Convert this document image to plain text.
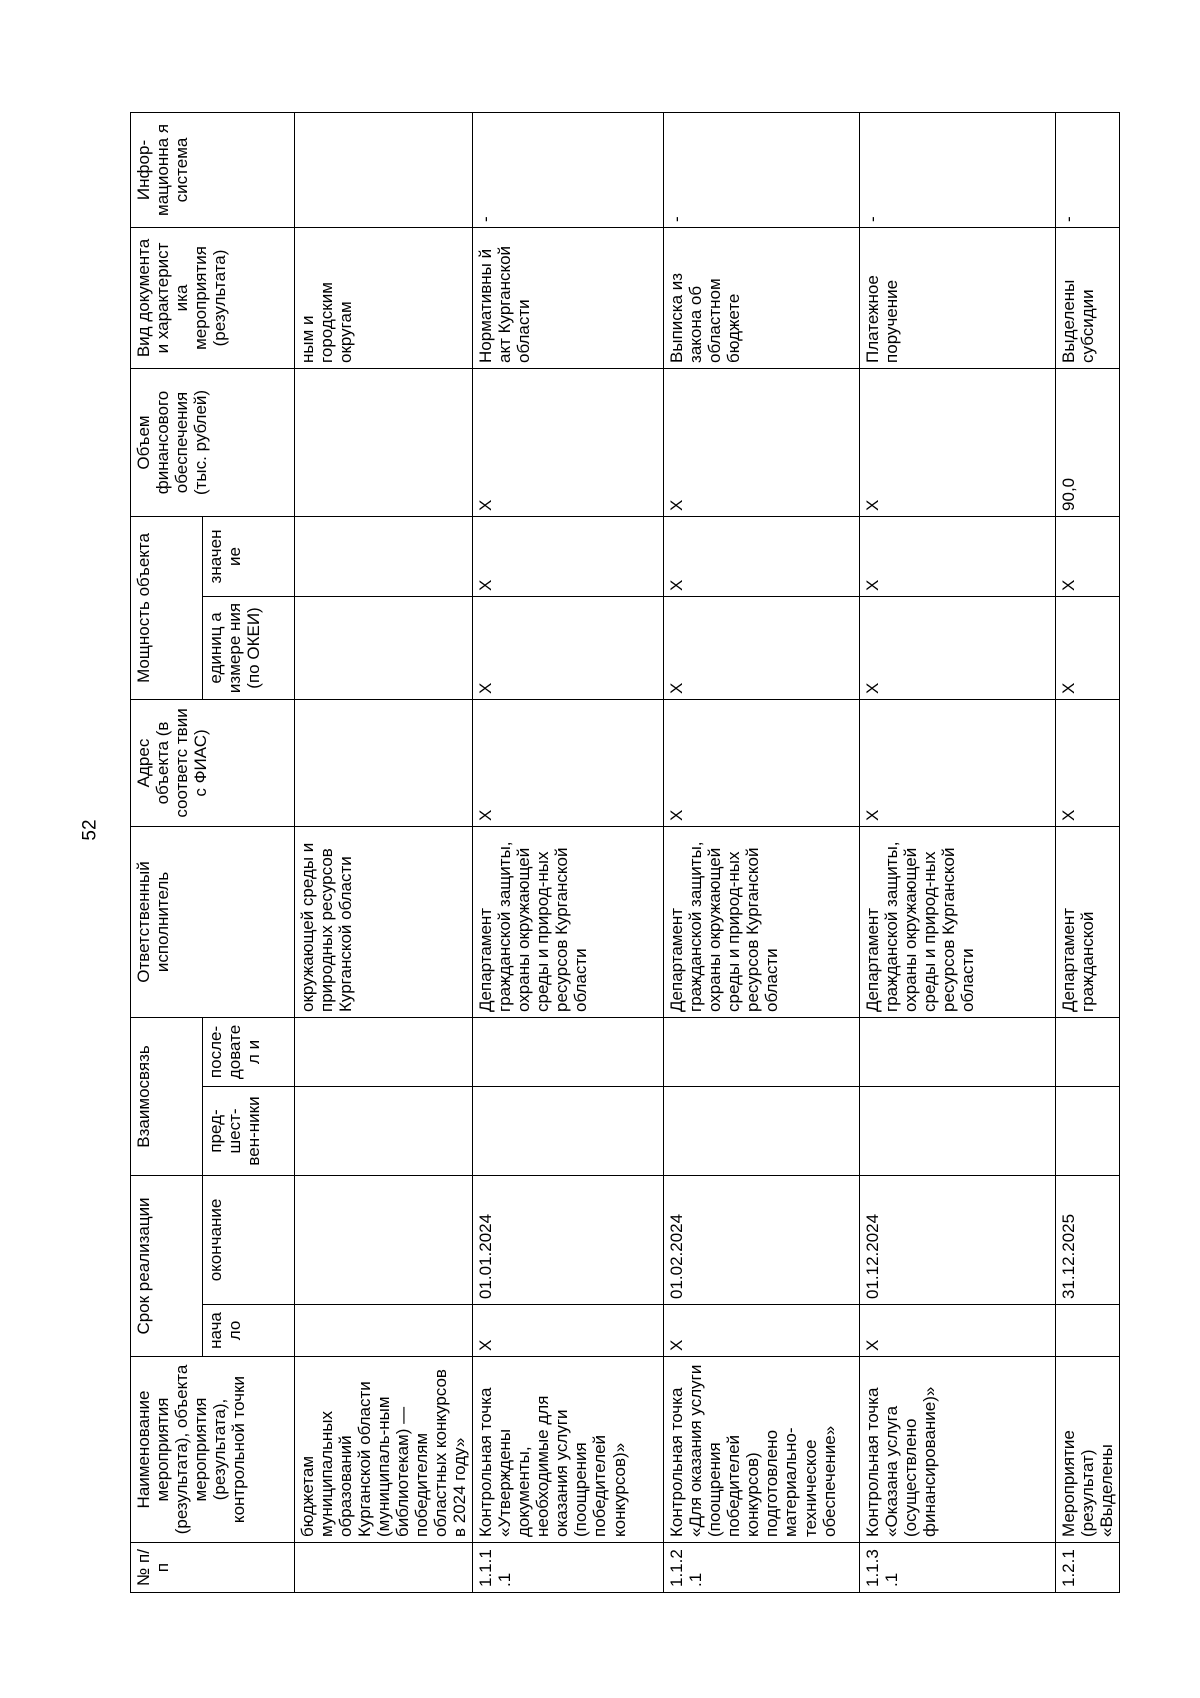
52
№ п/п	Наименование мероприятия (результата), объекта мероприятия (результата), контрольной точки	Срок реализации		Взаимосвязь		Ответственный исполнитель	Адрес объекта (в соответс твии с ФИАС)	Мощность объекта		Объем финансового обеспечения (тыс. рублей)	Вид документа и характерист ика мероприятия (результата)	Инфор-мационна я система
		начало	окончание	пред-шест-вен-ники	после-довател и			единиц а измере ния (по ОКЕИ)	значен ие			
	бюджетам муниципальных образований Курганской области (муниципаль-ным библиотекам) — победителям областных конкурсов в 2024 году»					окружающей среды и природных ресурсов Курганской области					ным и городским округам	
1.1.1.1	Контрольная точка «Утверждены документы, необходимые для оказания услуги (поощрения победителей конкурсов)»	X	01.01.2024			Департамент гражданской защиты, охраны окружающей среды и природ-ных ресурсов Курганской области	X	X	X	X	Нормативны й акт Курганской области	-
1.1.2.1	Контрольная точка «Для оказания услуги (поощрения победителей конкурсов) подготовлено материально-техническое обеспечение»	X	01.02.2024			Департамент гражданской защиты, охраны окружающей среды и природ-ных ресурсов Курганской области	X	X	X	X	Выписка из закона об областном бюджете	-
1.1.3.1	Контрольная точка «Оказана услуга (осуществлено финансирование)»	X	01.12.2024			Департамент гражданской защиты, охраны окружающей среды и природ-ных ресурсов Курганской области	X	X	X	X	Платежное поручение	-
1.2.1	Мероприятие (результат) «Выделены		31.12.2025			Департамент гражданской	X	X	X	90,0	Выделены субсидии	-
